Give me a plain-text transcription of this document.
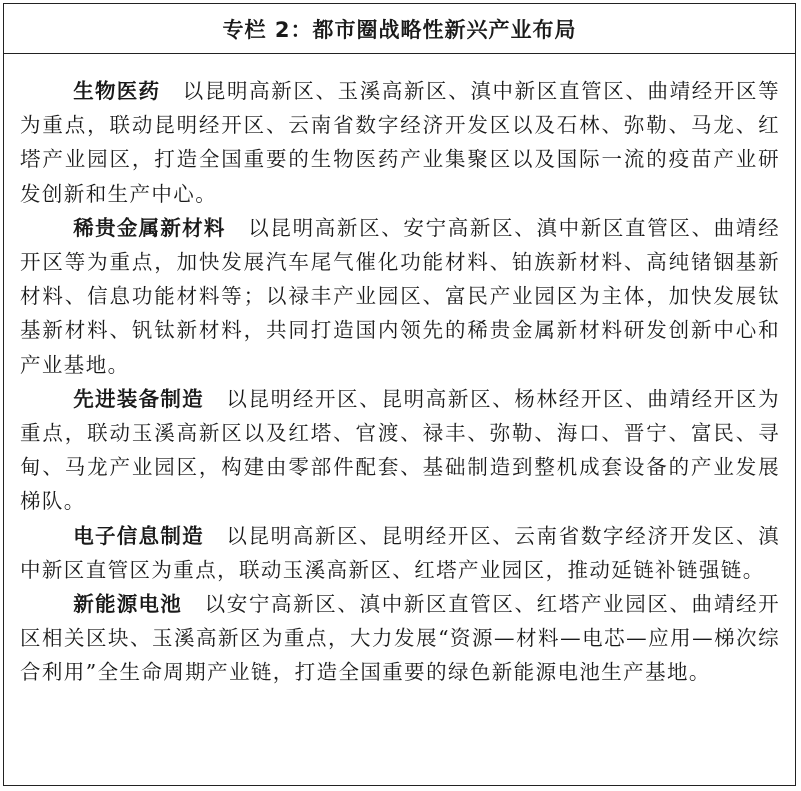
专栏 2：都市圈战略性新兴产业布局

生物医药 以昆明高新区、玉溪高新区、滇中新区直管区、曲靖经开区等为重点，联动昆明经开区、云南省数字经济开发区以及石林、弥勒、马龙、红塔产业园区，打造全国重要的生物医药产业集聚区以及国际一流的疫苗产业研发创新和生产中心。

稀贵金属新材料 以昆明高新区、安宁高新区、滇中新区直管区、曲靖经开区等为重点，加快发展汽车尾气催化功能材料、铂族新材料、高纯锗铟基新材料、信息功能材料等；以禄丰产业园区、富民产业园区为主体，加快发展钛基新材料、钒钛新材料，共同打造国内领先的稀贵金属新材料研发创新中心和产业基地。

先进装备制造 以昆明经开区、昆明高新区、杨林经开区、曲靖经开区为重点，联动玉溪高新区以及红塔、官渡、禄丰、弥勒、海口、晋宁、富民、寻甸、马龙产业园区，构建由零部件配套、基础制造到整机成套设备的产业发展梯队。

电子信息制造 以昆明高新区、昆明经开区、云南省数字经济开发区、滇中新区直管区为重点，联动玉溪高新区、红塔产业园区，推动延链补链强链。

新能源电池 以安宁高新区、滇中新区直管区、红塔产业园区、曲靖经开区相关区块、玉溪高新区为重点，大力发展“资源—材料—电芯—应用—梯次综合利用”全生命周期产业链，打造全国重要的绿色新能源电池生产基地。
